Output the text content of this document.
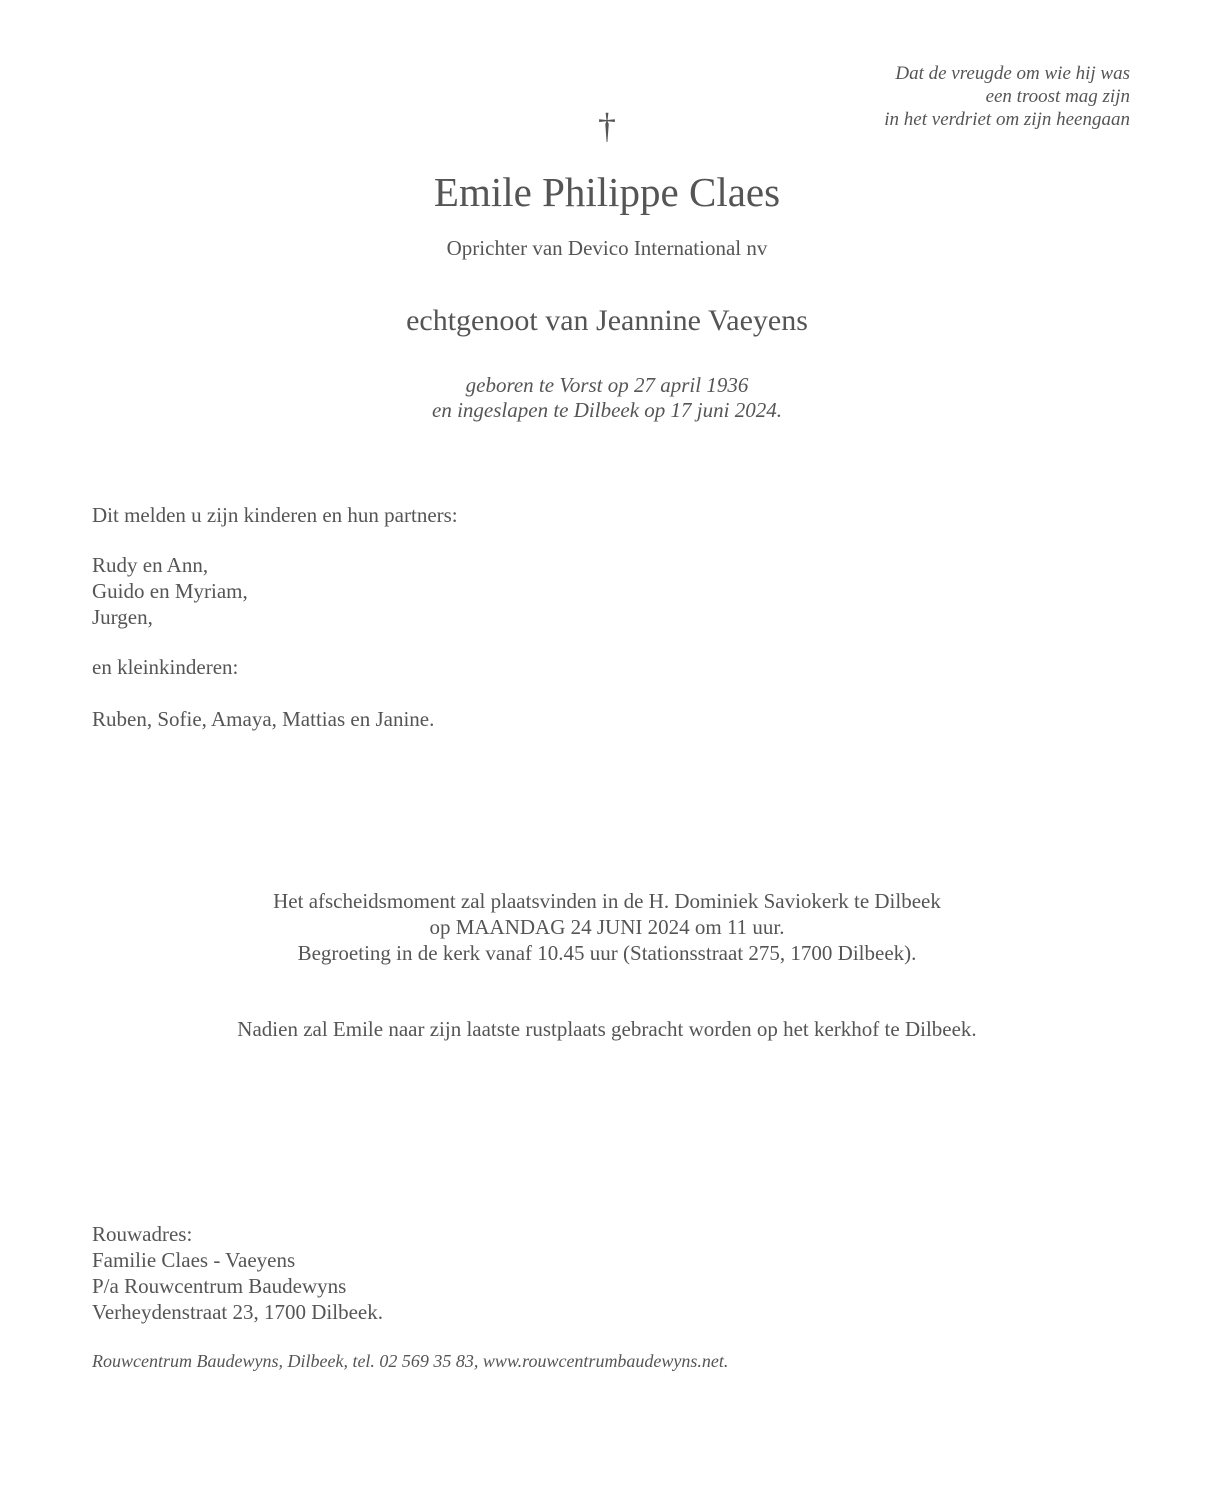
Dat de vreugde om wie hij was
een troost mag zijn
in het verdriet om zijn heengaan
†
Emile Philippe Claes
Oprichter van Devico International nv
echtgenoot van Jeannine Vaeyens
geboren te Vorst op 27 april 1936
en ingeslapen te Dilbeek op 17 juni 2024.
Dit melden u zijn kinderen en hun partners:
Rudy en Ann,
Guido en Myriam,
Jurgen,
en kleinkinderen:
Ruben, Sofie, Amaya, Mattias en Janine.
Het afscheidsmoment zal plaatsvinden in de H. Dominiek Saviokerk te Dilbeek
op MAANDAG 24 JUNI 2024 om 11 uur.
Begroeting in de kerk vanaf 10.45 uur (Stationsstraat 275, 1700 Dilbeek).
Nadien zal Emile naar zijn laatste rustplaats gebracht worden op het kerkhof te Dilbeek.
Rouwadres:
Familie Claes - Vaeyens
P/a Rouwcentrum Baudewyns
Verheydenstraat 23, 1700 Dilbeek.
Rouwcentrum Baudewyns, Dilbeek, tel. 02 569 35 83, www.rouwcentrumbaudewyns.net.
